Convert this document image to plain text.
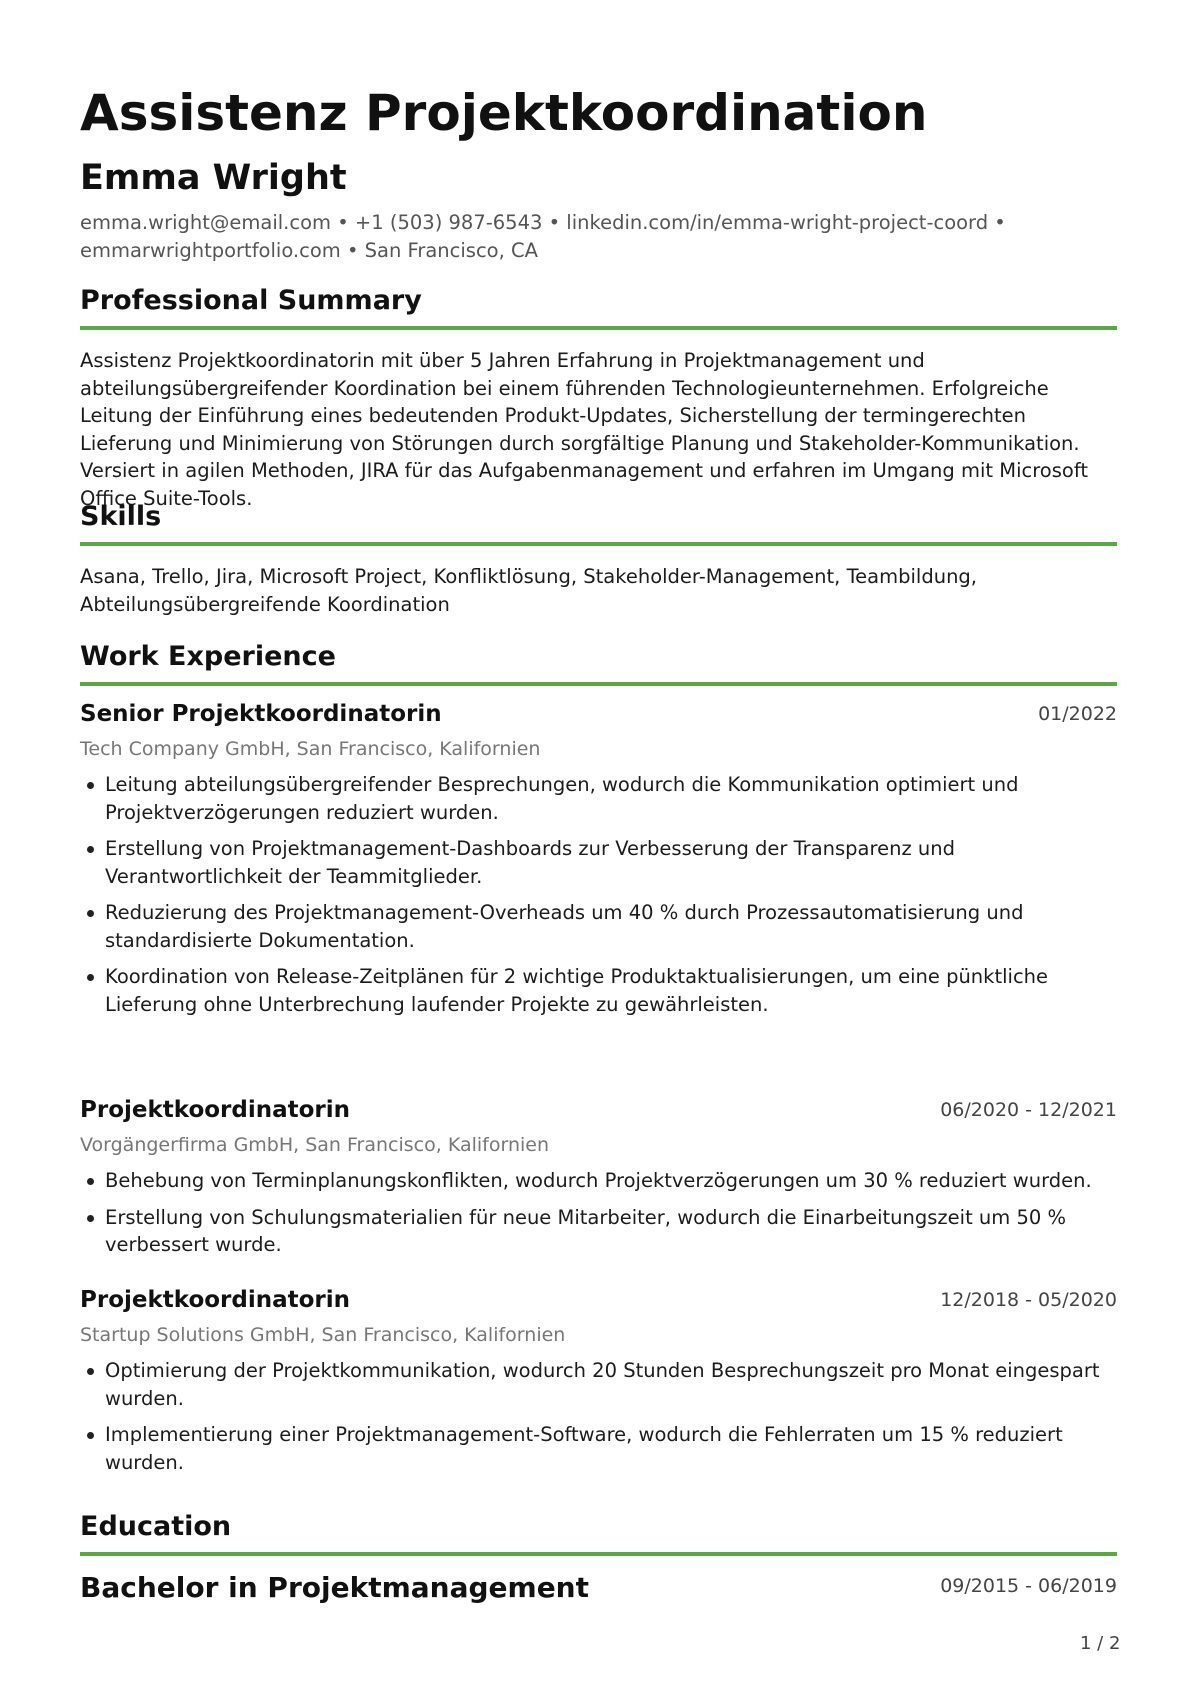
Assistenz Projektkoordination
Emma Wright
emma.wright@email.com • +1 (503) 987-6543 • linkedin.com/in/emma-wright-project-coord •
emmarwrightportfolio.com • San Francisco, CA
Professional Summary
Assistenz Projektkoordinatorin mit über 5 Jahren Erfahrung in Projektmanagement und abteilungsübergreifender Koordination bei einem führenden Technologieunternehmen. Erfolgreiche Leitung der Einführung eines bedeutenden Produkt-Updates, Sicherstellung der termingerechten Lieferung und Minimierung von Störungen durch sorgfältige Planung und Stakeholder-Kommunikation. Versiert in agilen Methoden, JIRA für das Aufgabenmanagement und erfahren im Umgang mit Microsoft Office Suite-Tools.
Skills
Asana, Trello, Jira, Microsoft Project, Konfliktlösung, Stakeholder-Management, Teambildung, Abteilungsübergreifende Koordination
Work Experience
Senior Projektkoordinatorin	01/2022
Tech Company GmbH, San Francisco, Kalifornien
Leitung abteilungsübergreifender Besprechungen, wodurch die Kommunikation optimiert und Projektverzögerungen reduziert wurden.
Erstellung von Projektmanagement-Dashboards zur Verbesserung der Transparenz und Verantwortlichkeit der Teammitglieder.
Reduzierung des Projektmanagement-Overheads um 40 % durch Prozessautomatisierung und standardisierte Dokumentation.
Koordination von Release-Zeitplänen für 2 wichtige Produktaktualisierungen, um eine pünktliche Lieferung ohne Unterbrechung laufender Projekte zu gewährleisten.
Projektkoordinatorin	06/2020 - 12/2021
Vorgängerfirma GmbH, San Francisco, Kalifornien
Behebung von Terminplanungskonflikten, wodurch Projektverzögerungen um 30 % reduziert wurden.
Erstellung von Schulungsmaterialien für neue Mitarbeiter, wodurch die Einarbeitungszeit um 50 % verbessert wurde.
Projektkoordinatorin	12/2018 - 05/2020
Startup Solutions GmbH, San Francisco, Kalifornien
Optimierung der Projektkommunikation, wodurch 20 Stunden Besprechungszeit pro Monat eingespart wurden.
Implementierung einer Projektmanagement-Software, wodurch die Fehlerraten um 15 % reduziert wurden.
Education
Bachelor in Projektmanagement	09/2015 - 06/2019
1 / 2
